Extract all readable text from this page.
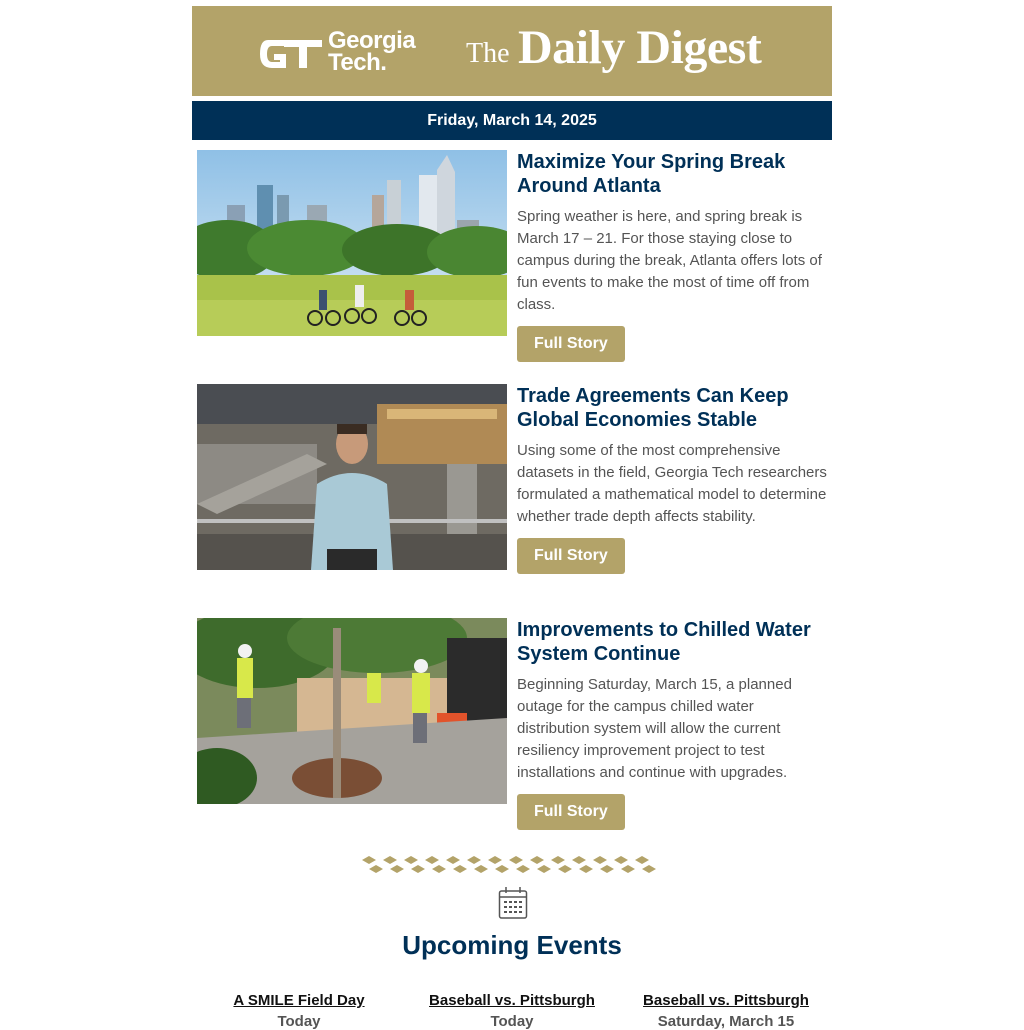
Georgia
Tech.	The Daily Digest
Friday, March 14, 2025
Maximize Your Spring Break Around Atlanta
Spring weather is here, and spring break is March 17 – 21. For those staying close to campus during the break, Atlanta offers lots of fun events to make the most of time off from class.
Full Story
Trade Agreements Can Keep Global Economies Stable
Using some of the most comprehensive datasets in the field, Georgia Tech researchers formulated a mathematical model to determine whether trade depth affects stability.
Full Story
Improvements to Chilled Water System Continue
Beginning Saturday, March 15, a planned outage for the campus chilled water distribution system will allow the current resiliency improvement project to test installations and continue with upgrades.
Full Story
Upcoming Events
A SMILE Field Day
Today
Baseball vs. Pittsburgh
Today
Baseball vs. Pittsburgh
Saturday, March 15
